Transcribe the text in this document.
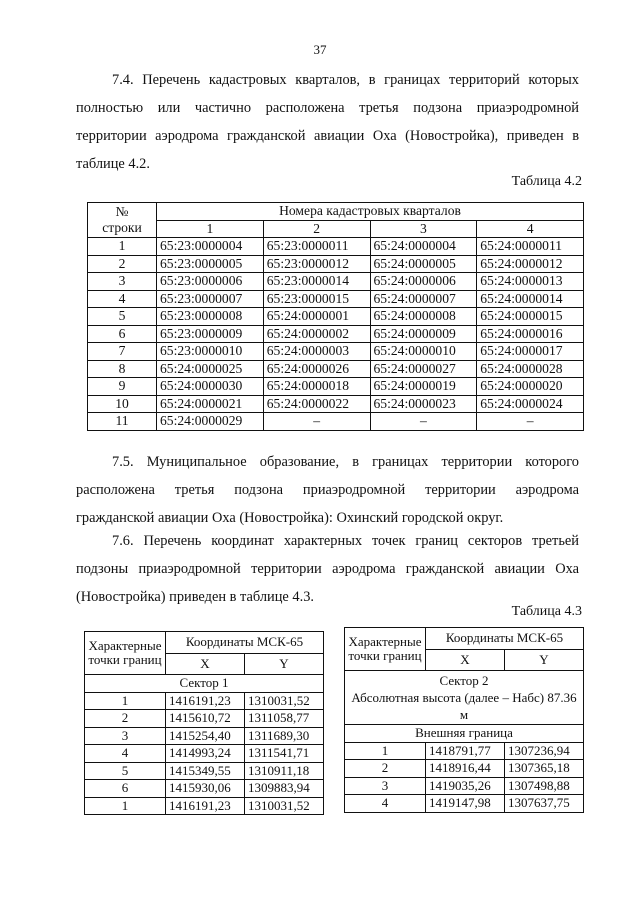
37
7.4. Перечень кадастровых кварталов, в границах территорий которых полностью или частично расположена третья подзона приаэродромной территории аэродрома гражданской авиации Оха (Новостройка), приведен в таблице 4.2.
Таблица 4.2
№
строки	Номера кадастровых кварталов			
	1	2	3	4
1	65:23:0000004	65:23:0000011	65:24:0000004	65:24:0000011
2	65:23:0000005	65:23:0000012	65:24:0000005	65:24:0000012
3	65:23:0000006	65:23:0000014	65:24:0000006	65:24:0000013
4	65:23:0000007	65:23:0000015	65:24:0000007	65:24:0000014
5	65:23:0000008	65:24:0000001	65:24:0000008	65:24:0000015
6	65:23:0000009	65:24:0000002	65:24:0000009	65:24:0000016
7	65:23:0000010	65:24:0000003	65:24:0000010	65:24:0000017
8	65:24:0000025	65:24:0000026	65:24:0000027	65:24:0000028
9	65:24:0000030	65:24:0000018	65:24:0000019	65:24:0000020
10	65:24:0000021	65:24:0000022	65:24:0000023	65:24:0000024
11	65:24:0000029	–	–	–
7.5. Муниципальное образование, в границах территории которого расположена третья подзона приаэродромной территории аэродрома гражданской авиации Оха (Новостройка): Охинский городской округ.
7.6. Перечень координат характерных точек границ секторов третьей подзоны приаэродромной территории аэродрома гражданской авиации Оха (Новостройка) приведен в таблице 4.3.
Таблица 4.3
Характерные точки границ	Координаты МСК-65	
	X	Y
Сектор 1		
1	1416191,23	1310031,52
2	1415610,72	1311058,77
3	1415254,40	1311689,30
4	1414993,24	1311541,71
5	1415349,55	1310911,18
6	1415930,06	1309883,94
1	1416191,23	1310031,52
Характерные точки границ	Координаты МСК-65	
	X	Y
Сектор 2
Абсолютная высота (далее – Набс) 87.36 м		
Внешняя граница		
1	1418791,77	1307236,94
2	1418916,44	1307365,18
3	1419035,26	1307498,88
4	1419147,98	1307637,75
